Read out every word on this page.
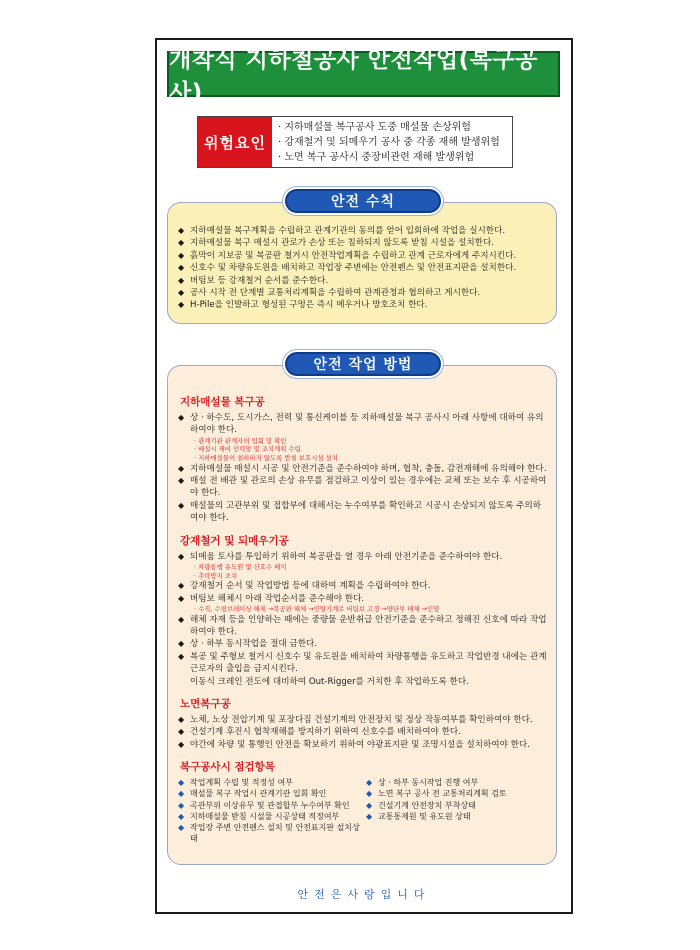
개착식 지하철공사 안전작업(복구공사)
위험요인
· 지하매설물 복구공사 도중 매설물 손상위험
· 강재철거 및 되메우기 공사 중 각종 재해 발생위험
· 노면 복구 공사시 중장비관련 재해 발생위험
안전 수칙
◆ 지하매설물 복구계획을 수립하고 관계기관의 동의를 얻어 입회하에 작업을 실시한다.
◆ 지하매설물 복구 매설시 관로가 손상 또는 침하되지 않도록 받침 시설을 설치한다.
◆ 흙막이 지보공 및 복공판 철거시 안전작업계획을 수립하고 관계 근로자에게 주지시킨다.
◆ 신호수 및 차량유도원을 배치하고 작업장 주변에는 안전펜스 및 안전표지판을 설치한다.
◆ 버팀보 등 강재철거 순서를 준수한다.
◆ 공사 시작 전 단계별 교통처리계획을 수립하여 관계관청과 협의하고 게시한다.
◆ H-Pile을 인발하고 형성된 구멍은 즉시 메우거나 방호조치 한다.
안전 작업 방법
지하매설물 복구공
◆ 상 · 하수도, 도시가스, 전력 및 통신케이블 등 지하매설물 복구 공사시 아래 사항에 대하여 유의하여야 한다.
· 관계기관 관계자의 입회 및 확인
· 배설시 재비 인력망 및 조치계획 수립
· 지하매설물이 침하하지 않도록 받침 보호시설 설치
◆ 지하매설물 매설시 시공 및 안전기준을 준수하여야 하며, 협착, 충돌, 감전재해에 유의해야 한다.
◆ 매설 전 배관 및 관로의 손상 유무를 점검하고 이상이 있는 경우에는 교체 또는 보수 후 시공하여야 한다.
◆ 매설물의 고관부위 및 접합부에 대해서는 누수여부를 확인하고 시공시 손상되지 않도록 주의하여야 한다.
강재철거 및 되메우기공
◆ 되메움 토사를 투입하기 위하여 복공판을 열 경우 아래 안전기준을 준수하여야 한다.
· 차량통행 유도원 및 신호수 배치
· 추락방지 조치
◆ 강재철거 순서 및 작업방법 등에 대하여 계획을 수립하여야 한다.
◆ 버팀보 해체시 아래 작업순서를 준수해야 한다.
· 수직, 수평브레이싱 해체 →복공판 해체 →인양기계로 버팀보 고정 →양단부 해체 →인양
◆ 해체 자재 등을 인양하는 때에는 중량물 운반취급 안전기준을 준수하고 정해진 신호에 따라 작업하여야 한다.
◆ 상 · 하부 동시작업을 절대 금한다.
◆ 복공 및 주형보 철거시 신호수 및 유도원을 배치하여 차량통행을 유도하고 작업반경 내에는 관계 근로자의 출입을 금지시킨다.
이동식 크레인 전도에 대비하여 Out-Rigger를 거치한 후 작업하도록 한다.
노면복구공
◆ 노체, 노상 전압기계 및 포장다짐 건설기계의 안전장치 및 정상 작동여부를 확인하여야 한다.
◆ 건설기계 후진시 협착재해를 방지하기 위하여 신호수를 배치하여야 한다.
◆ 야간에 차량 및 통행인 안전을 확보하기 위하여 야광표지판 및 조명시설을 설치하여야 한다.
복구공사시 점검항목
◆ 작업계획 수립 및 적정성 여부
◆ 매설물 복구 작업시 관계기관 입회 확인
◆ 곡관부위 이상유무 및 관접합부 누수여부 확인
◆ 지하매설물 받침 시설물 시공상태 적정여부
◆ 작업장 주변 안전펜스 설치 및 안전표지판 설치상태
◆ 상 · 하부 동시작업 진행 여부
◆ 노면 복구 공사 전 교통처리계획 검토
◆ 건설기계 안전장치 부착상태
◆ 교통통제원 및 유도원 상태
안전은사랑입니다
